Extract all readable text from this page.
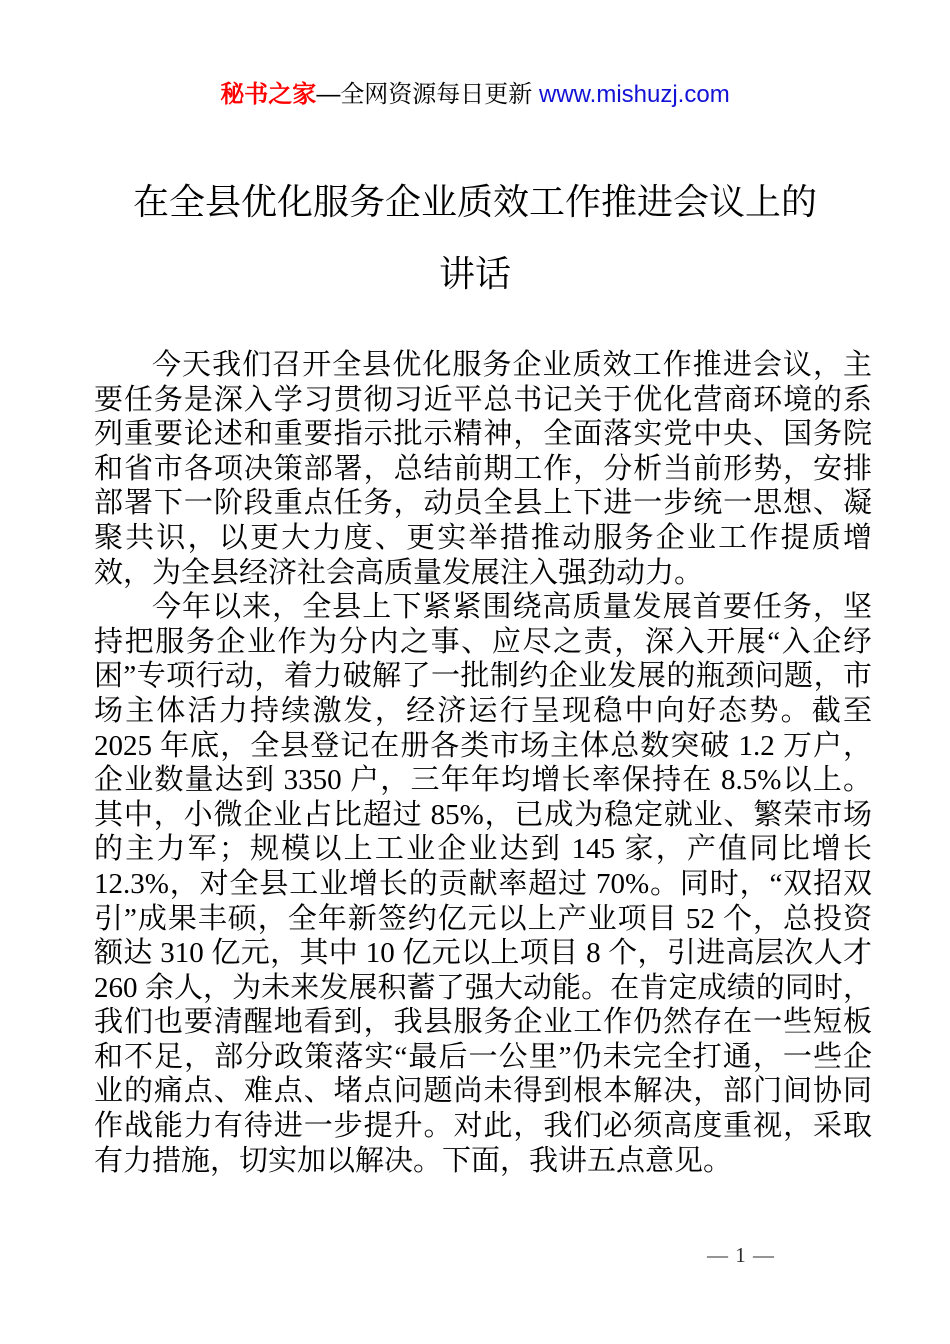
秘书之家—全网资源每日更新 www.mishuzj.com
在全县优化服务企业质效工作推进会议上的讲话

今天我们召开全县优化服务企业质效工作推进会议，主要任务是深入学习贯彻习近平总书记关于优化营商环境的系列重要论述和重要指示批示精神，全面落实党中央、国务院和省市各项决策部署，总结前期工作，分析当前形势，安排部署下一阶段重点任务，动员全县上下进一步统一思想、凝聚共识，以更大力度、更实举措推动服务企业工作提质增效，为全县经济社会高质量发展注入强劲动力。

今年以来，全县上下紧紧围绕高质量发展首要任务，坚持把服务企业作为分内之事、应尽之责，深入开展“入企纾困”专项行动，着力破解了一批制约企业发展的瓶颈问题，市场主体活力持续激发，经济运行呈现稳中向好态势。截至 2025 年底，全县登记在册各类市场主体总数突破 1.2 万户，企业数量达到 3350 户，三年年均增长率保持在 8.5%以上。其中，小微企业占比超过 85%，已成为稳定就业、繁荣市场的主力军；规模以上工业企业达到 145 家，产值同比增长 12.3%，对全县工业增长的贡献率超过 70%。同时，“双招双引”成果丰硕，全年新签约亿元以上产业项目 52 个，总投资额达 310 亿元，其中 10 亿元以上项目 8 个，引进高层次人才 260 余人，为未来发展积蓄了强大动能。在肯定成绩的同时，我们也要清醒地看到，我县服务企业工作仍然存在一些短板和不足，部分政策落实“最后一公里”仍未完全打通，一些企业的痛点、难点、堵点问题尚未得到根本解决，部门间协同作战能力有待进一步提升。对此，我们必须高度重视，采取有力措施，切实加以解决。下面，我讲五点意见。

— 1 —
